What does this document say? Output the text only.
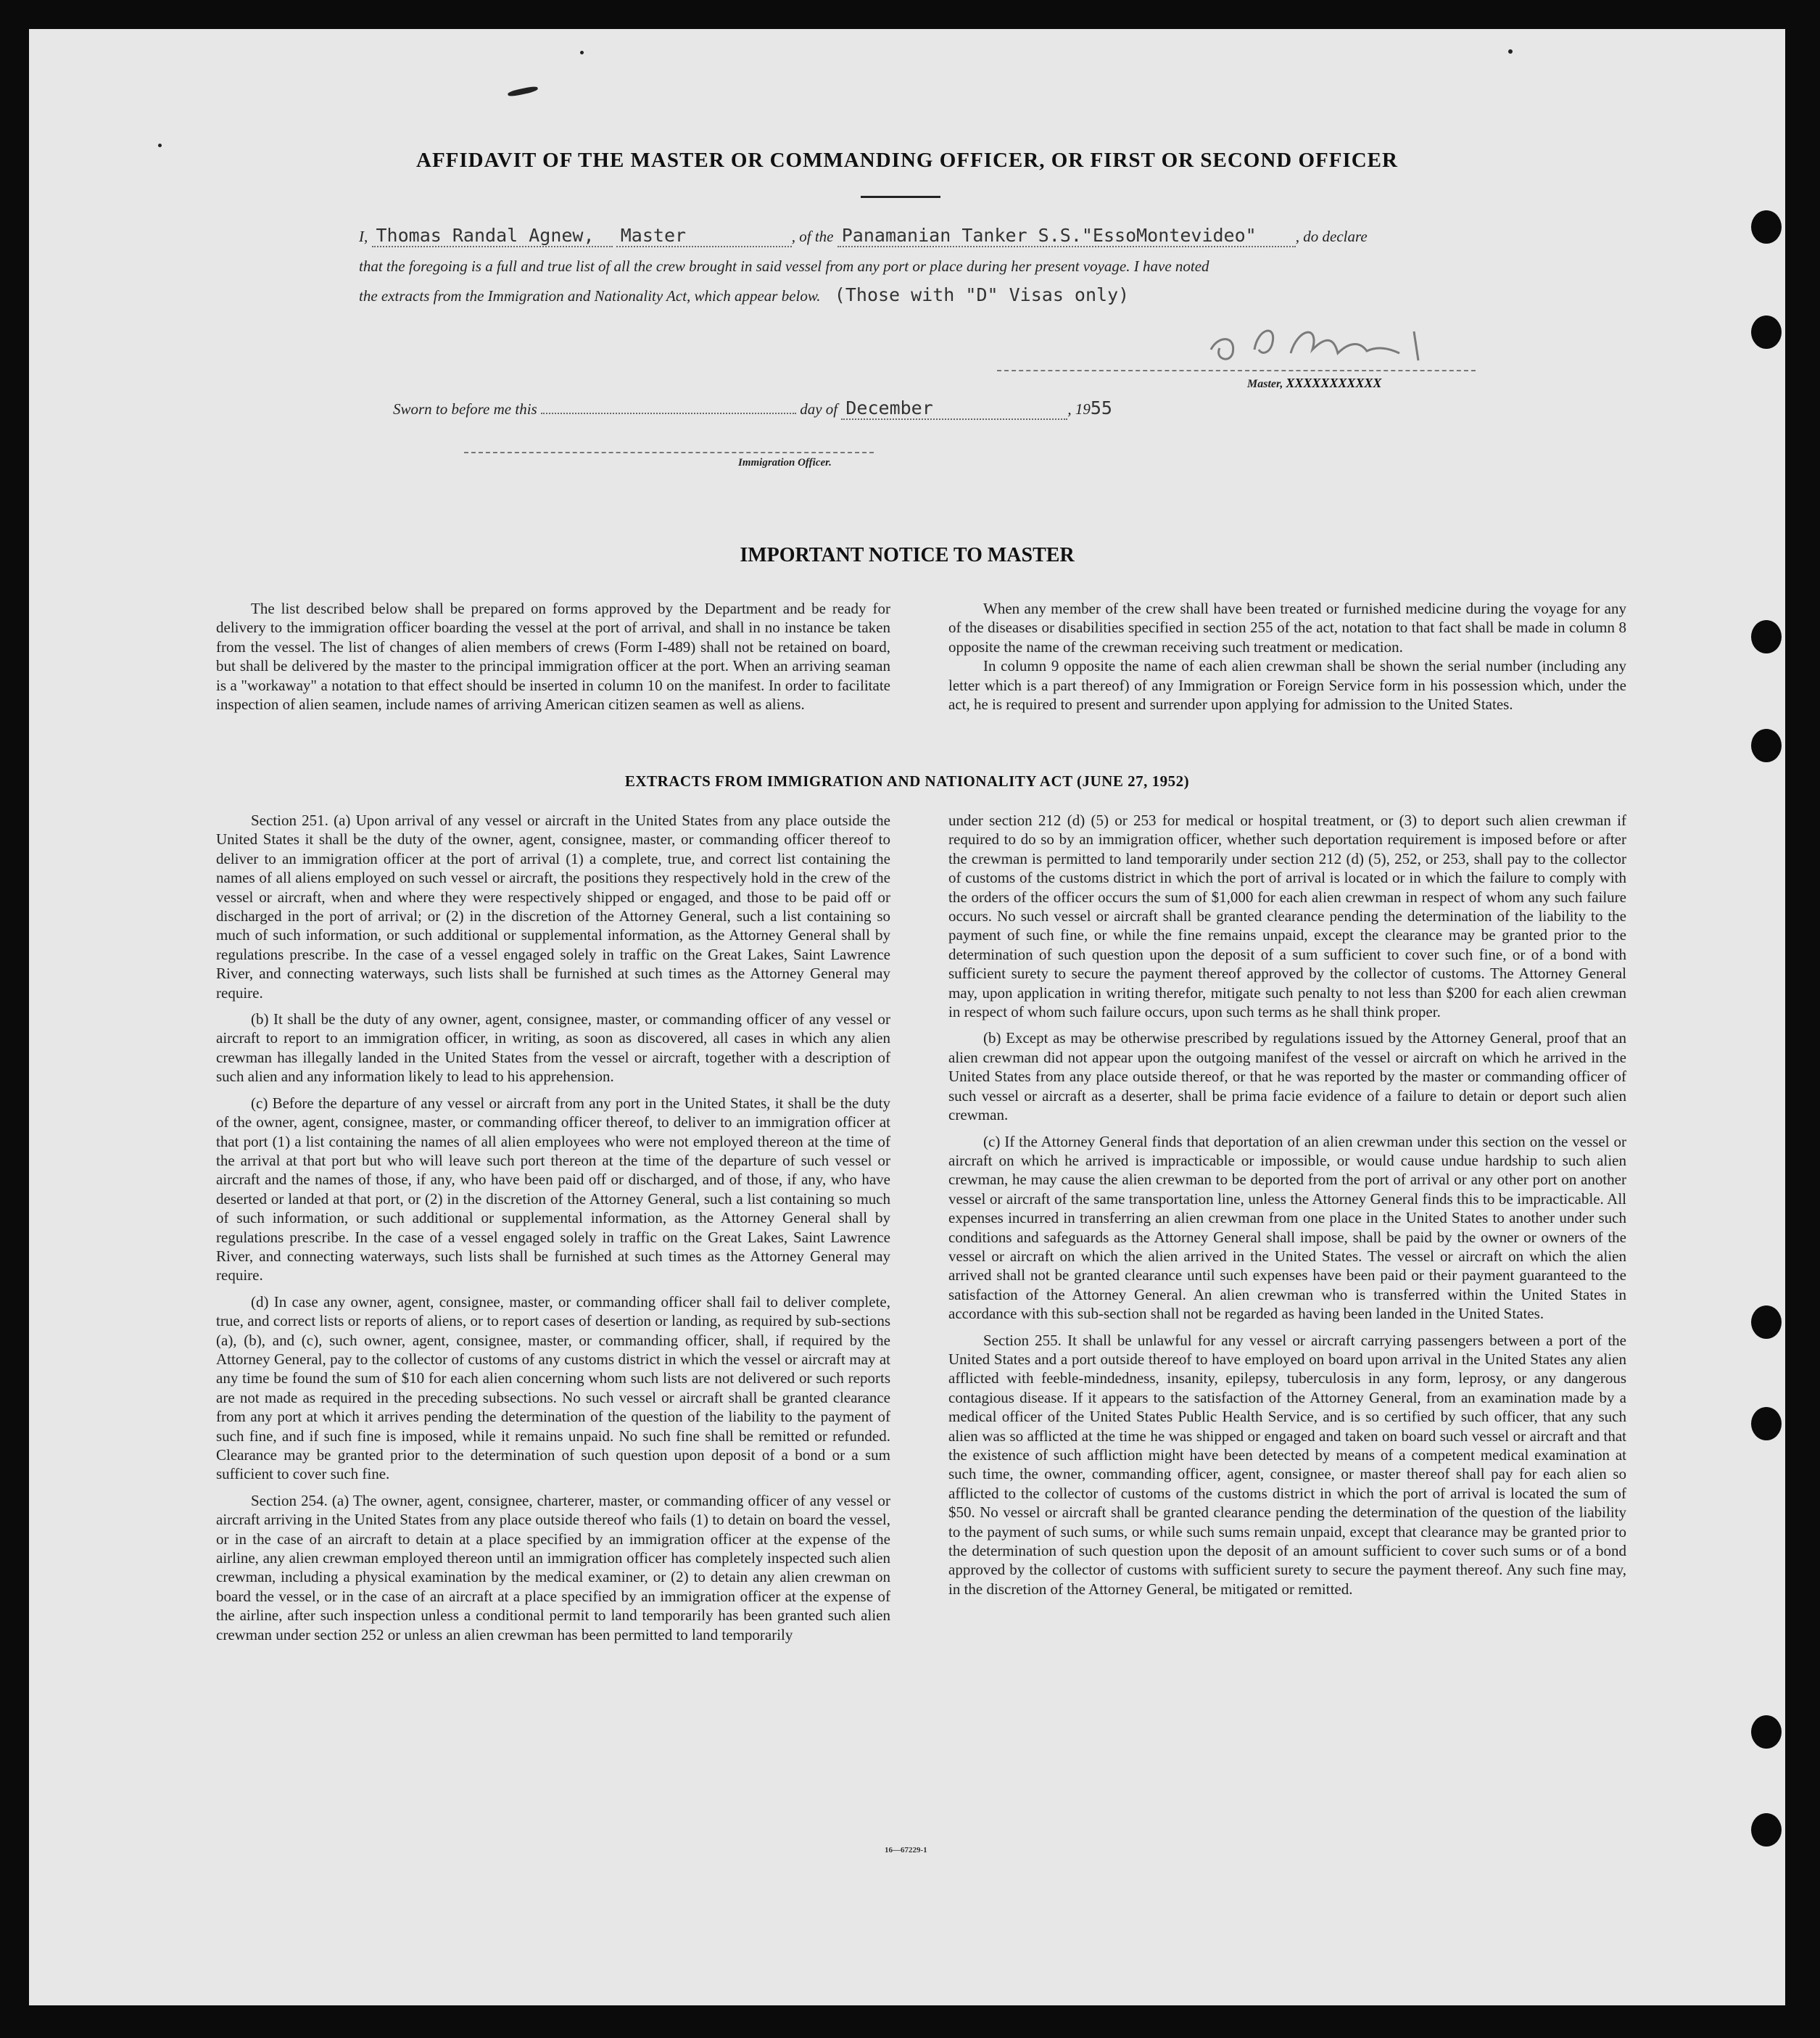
AFFIDAVIT OF THE MASTER OR COMMANDING OFFICER, OR FIRST OR SECOND OFFICER
I, Thomas Randal Agnew, Master	, of the Panamanian Tanker S.S."EssoMontevideo"	, do declare
that the foregoing is a full and true list of all the crew brought in said vessel from any port or place during her present voyage. I have noted
the extracts from the Immigration and Nationality Act, which appear below. (Those with "D" Visas only)
Master, XXXXXXXXXXX
Sworn to before me this	day of December	, 1955
Immigration Officer.
IMPORTANT NOTICE TO MASTER

The list described below shall be prepared on forms approved by the Department and be ready for delivery to the immigration officer boarding the vessel at the port of arrival, and shall in no instance be taken from the vessel. The list of changes of alien members of crews (Form I-489) shall not be retained on board, but shall be delivered by the master to the principal immigration officer at the port. When an arriving seaman is a "workaway" a notation to that effect should be inserted in column 10 on the manifest. In order to facilitate inspection of alien seamen, include names of arriving American citizen seamen as well as aliens.

When any member of the crew shall have been treated or furnished medicine during the voyage for any of the diseases or disabilities specified in section 255 of the act, notation to that fact shall be made in column 8 opposite the name of the crewman receiving such treatment or medication.

In column 9 opposite the name of each alien crewman shall be shown the serial number (including any letter which is a part thereof) of any Immigration or Foreign Service form in his possession which, under the act, he is required to present and surrender upon applying for admission to the United States.

EXTRACTS FROM IMMIGRATION AND NATIONALITY ACT (JUNE 27, 1952)

Section 251. (a) Upon arrival of any vessel or aircraft in the United States from any place outside the United States it shall be the duty of the owner, agent, consignee, master, or commanding officer thereof to deliver to an immigration officer at the port of arrival (1) a complete, true, and correct list containing the names of all aliens employed on such vessel or aircraft, the positions they respectively hold in the crew of the vessel or aircraft, when and where they were respectively shipped or engaged, and those to be paid off or discharged in the port of arrival; or (2) in the discretion of the Attorney General, such a list containing so much of such information, or such additional or supplemental information, as the Attorney General shall by regulations prescribe. In the case of a vessel engaged solely in traffic on the Great Lakes, Saint Lawrence River, and connecting waterways, such lists shall be furnished at such times as the Attorney General may require.

(b) It shall be the duty of any owner, agent, consignee, master, or commanding officer of any vessel or aircraft to report to an immigration officer, in writing, as soon as discovered, all cases in which any alien crewman has illegally landed in the United States from the vessel or aircraft, together with a description of such alien and any information likely to lead to his apprehension.

(c) Before the departure of any vessel or aircraft from any port in the United States, it shall be the duty of the owner, agent, consignee, master, or commanding officer thereof, to deliver to an immigration officer at that port (1) a list containing the names of all alien employees who were not employed thereon at the time of the arrival at that port but who will leave such port thereon at the time of the departure of such vessel or aircraft and the names of those, if any, who have been paid off or discharged, and of those, if any, who have deserted or landed at that port, or (2) in the discretion of the Attorney General, such a list containing so much of such information, or such additional or supplemental information, as the Attorney General shall by regulations prescribe. In the case of a vessel engaged solely in traffic on the Great Lakes, Saint Lawrence River, and connecting waterways, such lists shall be furnished at such times as the Attorney General may require.

(d) In case any owner, agent, consignee, master, or commanding officer shall fail to deliver complete, true, and correct lists or reports of aliens, or to report cases of desertion or landing, as required by sub-sections (a), (b), and (c), such owner, agent, consignee, master, or commanding officer, shall, if required by the Attorney General, pay to the collector of customs of any customs district in which the vessel or aircraft may at any time be found the sum of $10 for each alien concerning whom such lists are not delivered or such reports are not made as required in the preceding subsections. No such vessel or aircraft shall be granted clearance from any port at which it arrives pending the determination of the question of the liability to the payment of such fine, and if such fine is imposed, while it remains unpaid. No such fine shall be remitted or refunded. Clearance may be granted prior to the determination of such question upon deposit of a bond or a sum sufficient to cover such fine.

Section 254. (a) The owner, agent, consignee, charterer, master, or commanding officer of any vessel or aircraft arriving in the United States from any place outside thereof who fails (1) to detain on board the vessel, or in the case of an aircraft to detain at a place specified by an immigration officer at the expense of the airline, any alien crewman employed thereon until an immigration officer has completely inspected such alien crewman, including a physical examination by the medical examiner, or (2) to detain any alien crewman on board the vessel, or in the case of an aircraft at a place specified by an immigration officer at the expense of the airline, after such inspection unless a conditional permit to land temporarily has been granted such alien crewman under section 252 or unless an alien crewman has been permitted to land temporarily

under section 212 (d) (5) or 253 for medical or hospital treatment, or (3) to deport such alien crewman if required to do so by an immigration officer, whether such deportation requirement is imposed before or after the crewman is permitted to land temporarily under section 212 (d) (5), 252, or 253, shall pay to the collector of customs of the customs district in which the port of arrival is located or in which the failure to comply with the orders of the officer occurs the sum of $1,000 for each alien crewman in respect of whom any such failure occurs. No such vessel or aircraft shall be granted clearance pending the determination of the liability to the payment of such fine, or while the fine remains unpaid, except the clearance may be granted prior to the determination of such question upon the deposit of a sum sufficient to cover such fine, or of a bond with sufficient surety to secure the payment thereof approved by the collector of customs. The Attorney General may, upon application in writing therefor, mitigate such penalty to not less than $200 for each alien crewman in respect of whom such failure occurs, upon such terms as he shall think proper.

(b) Except as may be otherwise prescribed by regulations issued by the Attorney General, proof that an alien crewman did not appear upon the outgoing manifest of the vessel or aircraft on which he arrived in the United States from any place outside thereof, or that he was reported by the master or commanding officer of such vessel or aircraft as a deserter, shall be prima facie evidence of a failure to detain or deport such alien crewman.

(c) If the Attorney General finds that deportation of an alien crewman under this section on the vessel or aircraft on which he arrived is impracticable or impossible, or would cause undue hardship to such alien crewman, he may cause the alien crewman to be deported from the port of arrival or any other port on another vessel or aircraft of the same transportation line, unless the Attorney General finds this to be impracticable. All expenses incurred in transferring an alien crewman from one place in the United States to another under such conditions and safeguards as the Attorney General shall impose, shall be paid by the owner or owners of the vessel or aircraft on which the alien arrived in the United States. The vessel or aircraft on which the alien arrived shall not be granted clearance until such expenses have been paid or their payment guaranteed to the satisfaction of the Attorney General. An alien crewman who is transferred within the United States in accordance with this sub-section shall not be regarded as having been landed in the United States.

Section 255. It shall be unlawful for any vessel or aircraft carrying passengers between a port of the United States and a port outside thereof to have employed on board upon arrival in the United States any alien afflicted with feeble-mindedness, insanity, epilepsy, tuberculosis in any form, leprosy, or any dangerous contagious disease. If it appears to the satisfaction of the Attorney General, from an examination made by a medical officer of the United States Public Health Service, and is so certified by such officer, that any such alien was so afflicted at the time he was shipped or engaged and taken on board such vessel or aircraft and that the existence of such affliction might have been detected by means of a competent medical examination at such time, the owner, commanding officer, agent, consignee, or master thereof shall pay for each alien so afflicted to the collector of customs of the customs district in which the port of arrival is located the sum of $50. No vessel or aircraft shall be granted clearance pending the determination of the question of the liability to the payment of such sums, or while such sums remain unpaid, except that clearance may be granted prior to the determination of such question upon the deposit of an amount sufficient to cover such sums or of a bond approved by the collector of customs with sufficient surety to secure the payment thereof. Any such fine may, in the discretion of the Attorney General, be mitigated or remitted.

16—67229-1
